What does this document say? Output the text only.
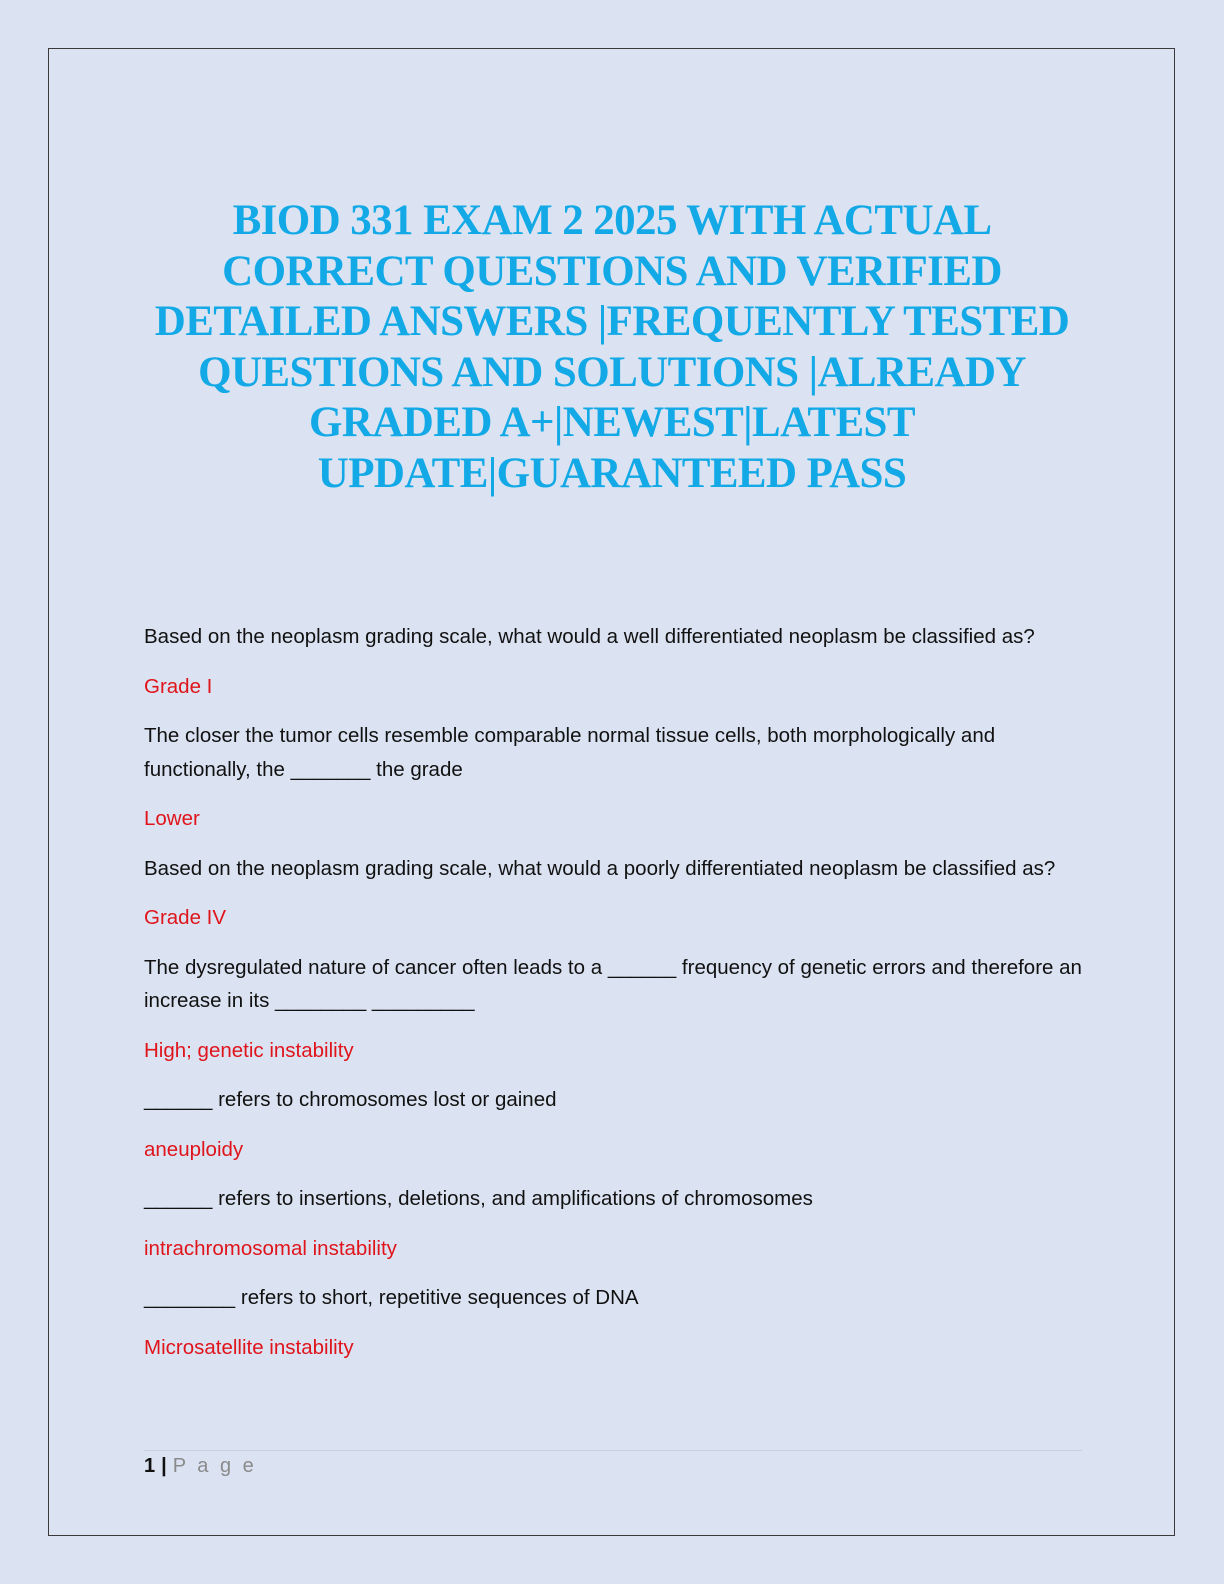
BIOD 331 EXAM 2 2025 WITH ACTUAL
CORRECT QUESTIONS AND VERIFIED
DETAILED ANSWERS |FREQUENTLY TESTED
QUESTIONS AND SOLUTIONS |ALREADY
GRADED A+|NEWEST|LATEST
UPDATE|GUARANTEED PASS

Based on the neoplasm grading scale, what would a well differentiated neoplasm be classified as?

Grade I

The closer the tumor cells resemble comparable normal tissue cells, both morphologically and functionally, the _______ the grade

Lower

Based on the neoplasm grading scale, what would a poorly differentiated neoplasm be classified as?

Grade IV

The dysregulated nature of cancer often leads to a ______ frequency of genetic errors and therefore an increase in its ________ _________

High; genetic instability

______ refers to chromosomes lost or gained

aneuploidy

______ refers to insertions, deletions, and amplifications of chromosomes

intrachromosomal instability

________ refers to short, repetitive sequences of DNA

Microsatellite instability

1 | P a g e
